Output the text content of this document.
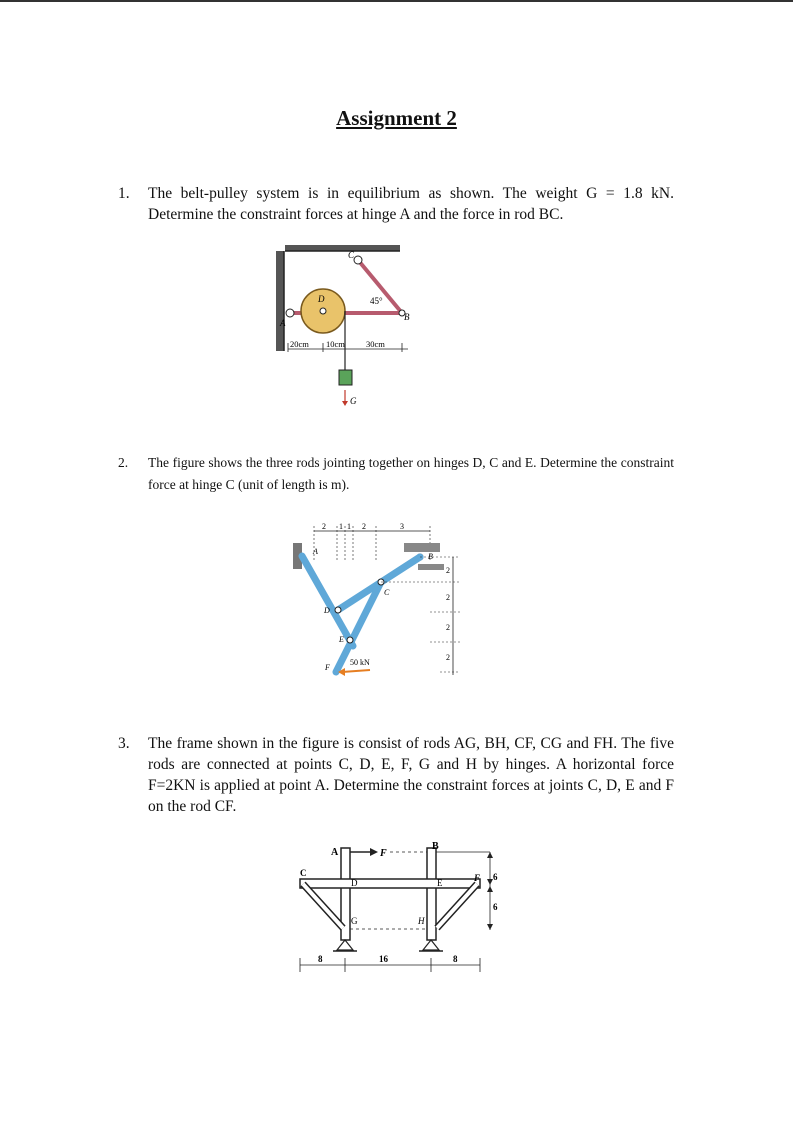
Assignment 2
1. The belt-pulley system is in equilibrium as shown. The weight G = 1.8 kN. Determine the constraint forces at hinge A and the force in rod BC.
C
A
B
45°
D
G
20cm 10cm 30cm
2. The figure shows the three rods jointing together on hinges D, C and E. Determine the constraint force at hinge C (unit of length is m).
2 1 1 2	3
A
B
D
C
E
F
50 kN
2
2
2
2
3. The frame shown in the figure is consist of rods AG, BH, CF, CG and FH. The five rods are connected at points C, D, E, F, G and H by hinges. A horizontal force F=2KN is applied at point A. Determine the constraint forces at joints C, D, E and F on the rod CF.
A
B
F
C
D	E	F
G	H
8	16	8
6
6
